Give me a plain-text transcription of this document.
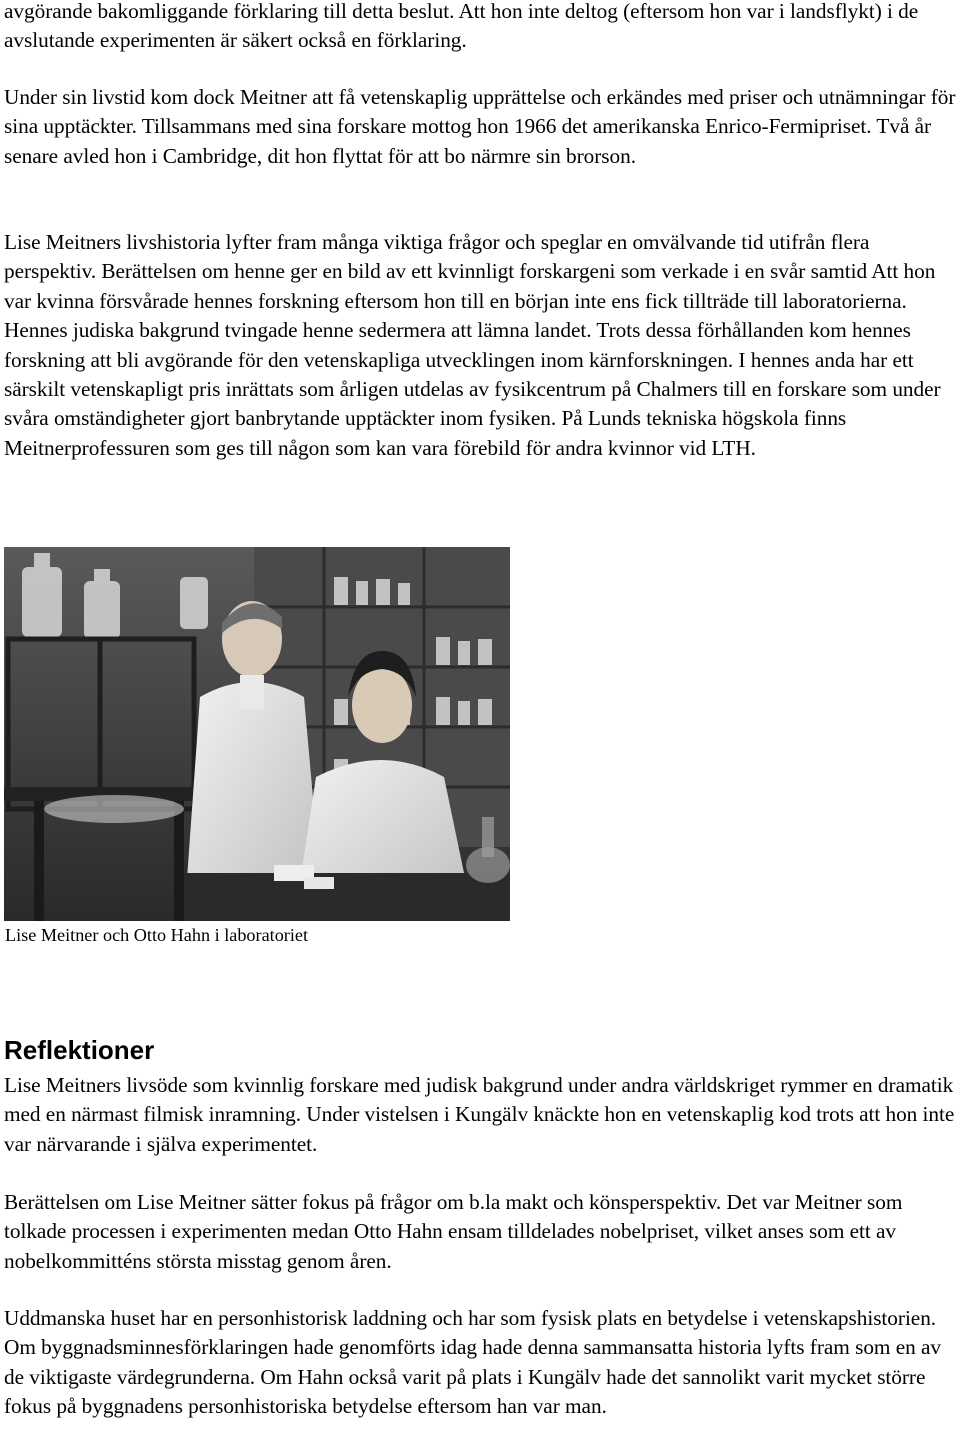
avgörande bakomliggande förklaring till detta beslut. Att hon inte deltog (eftersom hon var i landsflykt) i de avslutande experimenten är säkert också en förklaring.

Under sin livstid kom dock Meitner att få vetenskaplig upprättelse och erkändes med priser och utnämningar för sina upptäckter. Tillsammans med sina forskare mottog hon 1966 det amerikanska Enrico-Fermipriset. Två år senare avled hon i Cambridge, dit hon flyttat för att bo närmre sin brorson.

Lise Meitners livshistoria lyfter fram många viktiga frågor och speglar en omvälvande tid utifrån flera perspektiv. Berättelsen om henne ger en bild av ett kvinnligt forskargeni som verkade i en svår samtid Att hon var kvinna försvårade hennes forskning eftersom hon till en början inte ens fick tillträde till laboratorierna. Hennes judiska bakgrund tvingade henne sedermera att lämna landet. Trots dessa förhållanden kom hennes forskning att bli avgörande för den vetenskapliga utvecklingen inom kärnforskningen. I hennes anda har ett särskilt vetenskapligt pris inrättats som årligen utdelas av fysikcentrum på Chalmers till en forskare som under svåra omständigheter gjort banbrytande upptäckter inom fysiken. På Lunds tekniska högskola finns Meitnerprofessuren som ges till någon som kan vara förebild för andra kvinnor vid LTH.

Lise Meitner och Otto Hahn i laboratoriet

Reflektioner

Lise Meitners livsöde som kvinnlig forskare med judisk bakgrund under andra världskriget rymmer en dramatik med en närmast filmisk inramning. Under vistelsen i Kungälv knäckte hon en vetenskaplig kod trots att hon inte var närvarande i själva experimentet.

Berättelsen om Lise Meitner sätter fokus på frågor om b.la makt och könsperspektiv. Det var Meitner som tolkade processen i experimenten medan Otto Hahn ensam tilldelades nobelpriset, vilket anses som ett av nobelkommitténs största misstag genom åren.

Uddmanska huset har en personhistorisk laddning och har som fysisk plats en betydelse i vetenskapshistorien. Om byggnadsminnesförklaringen hade genomförts idag hade denna sammansatta historia lyfts fram som en av de viktigaste värdegrunderna. Om Hahn också varit på plats i Kungälv hade det sannolikt varit mycket större fokus på byggnadens personhistoriska betydelse eftersom han var man.
